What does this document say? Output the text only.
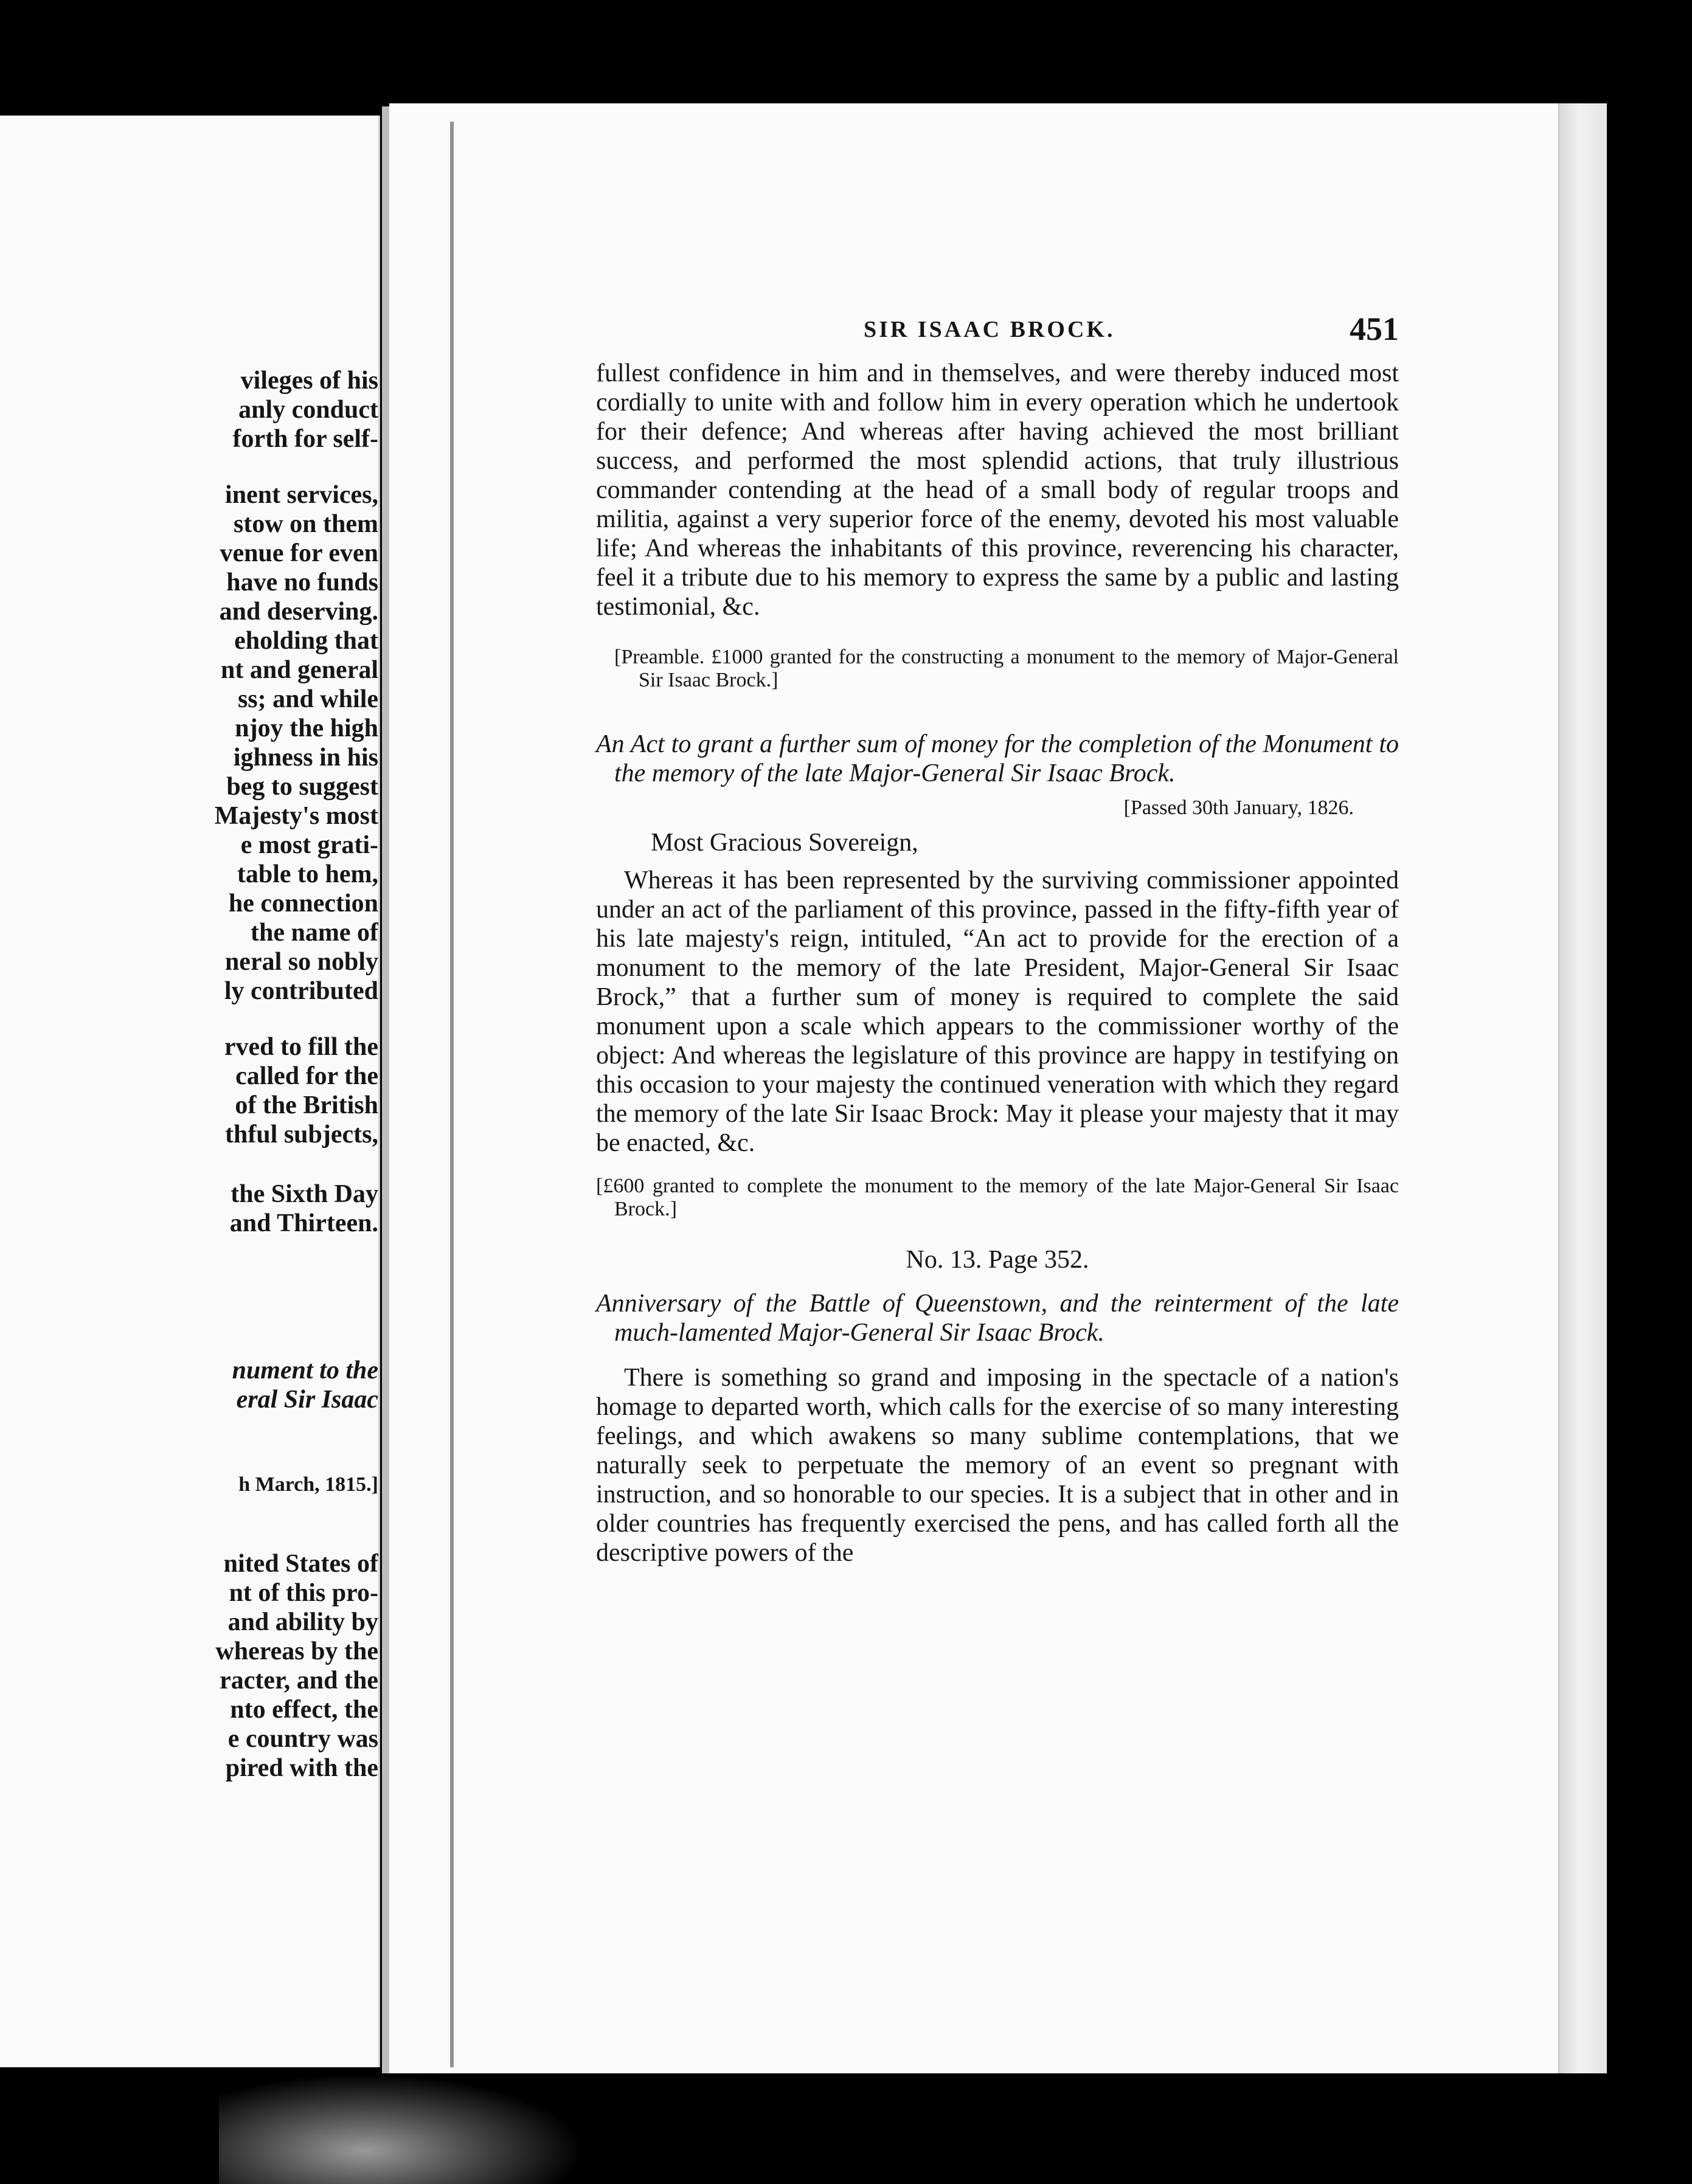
vileges of his
anly conduct
forth for self-
inent services,
stow on them
venue for even
have no funds
and deserving.
eholding that
nt and general
ss; and while
njoy the high
ighness in his
beg to suggest
Majesty's most
e most grati-
table to hem,
he connection
the name of
neral so nobly
ly contributed
rved to fill the
called for the
of the British
thful subjects,
the Sixth Day
and Thirteen.
nument to the
eral Sir Isaac
h March, 1815.]
nited States of
nt of this pro-
and ability by
whereas by the
racter, and the
nto effect, the
e country was
pired with the
SIR ISAAC BROCK.	451

fullest confidence in him and in themselves, and were thereby induced most cordially to unite with and follow him in every operation which he undertook for their defence; And whereas after having achieved the most brilliant success, and performed the most splendid actions, that truly illustrious commander contending at the head of a small body of regular troops and militia, against a very superior force of the enemy, devoted his most valuable life; And whereas the inhabitants of this province, reverencing his character, feel it a tribute due to his memory to express the same by a public and lasting testimonial, &c.

[Preamble. £1000 granted for the constructing a monument to the memory of Major-General Sir Isaac Brock.]

An Act to grant a further sum of money for the completion of the Monument to the memory of the late Major-General Sir Isaac Brock.

[Passed 30th January, 1826.

Most Gracious Sovereign,

Whereas it has been represented by the surviving commissioner appointed under an act of the parliament of this province, passed in the fifty-fifth year of his late majesty's reign, intituled, “An act to provide for the erection of a monument to the memory of the late President, Major-General Sir Isaac Brock,” that a further sum of money is required to complete the said monument upon a scale which appears to the commissioner worthy of the object: And whereas the legislature of this province are happy in testifying on this occasion to your majesty the continued veneration with which they regard the memory of the late Sir Isaac Brock: May it please your majesty that it may be enacted, &c.

[£600 granted to complete the monument to the memory of the late Major-General Sir Isaac Brock.]

No. 13. Page 352.

Anniversary of the Battle of Queenstown, and the reinterment of the late much-lamented Major-General Sir Isaac Brock.

There is something so grand and imposing in the spectacle of a nation's homage to departed worth, which calls for the exercise of so many interesting feelings, and which awakens so many sublime contemplations, that we naturally seek to perpetuate the memory of an event so pregnant with instruction, and so honorable to our species. It is a subject that in other and in older countries has frequently exercised the pens, and has called forth all the descriptive powers of the
